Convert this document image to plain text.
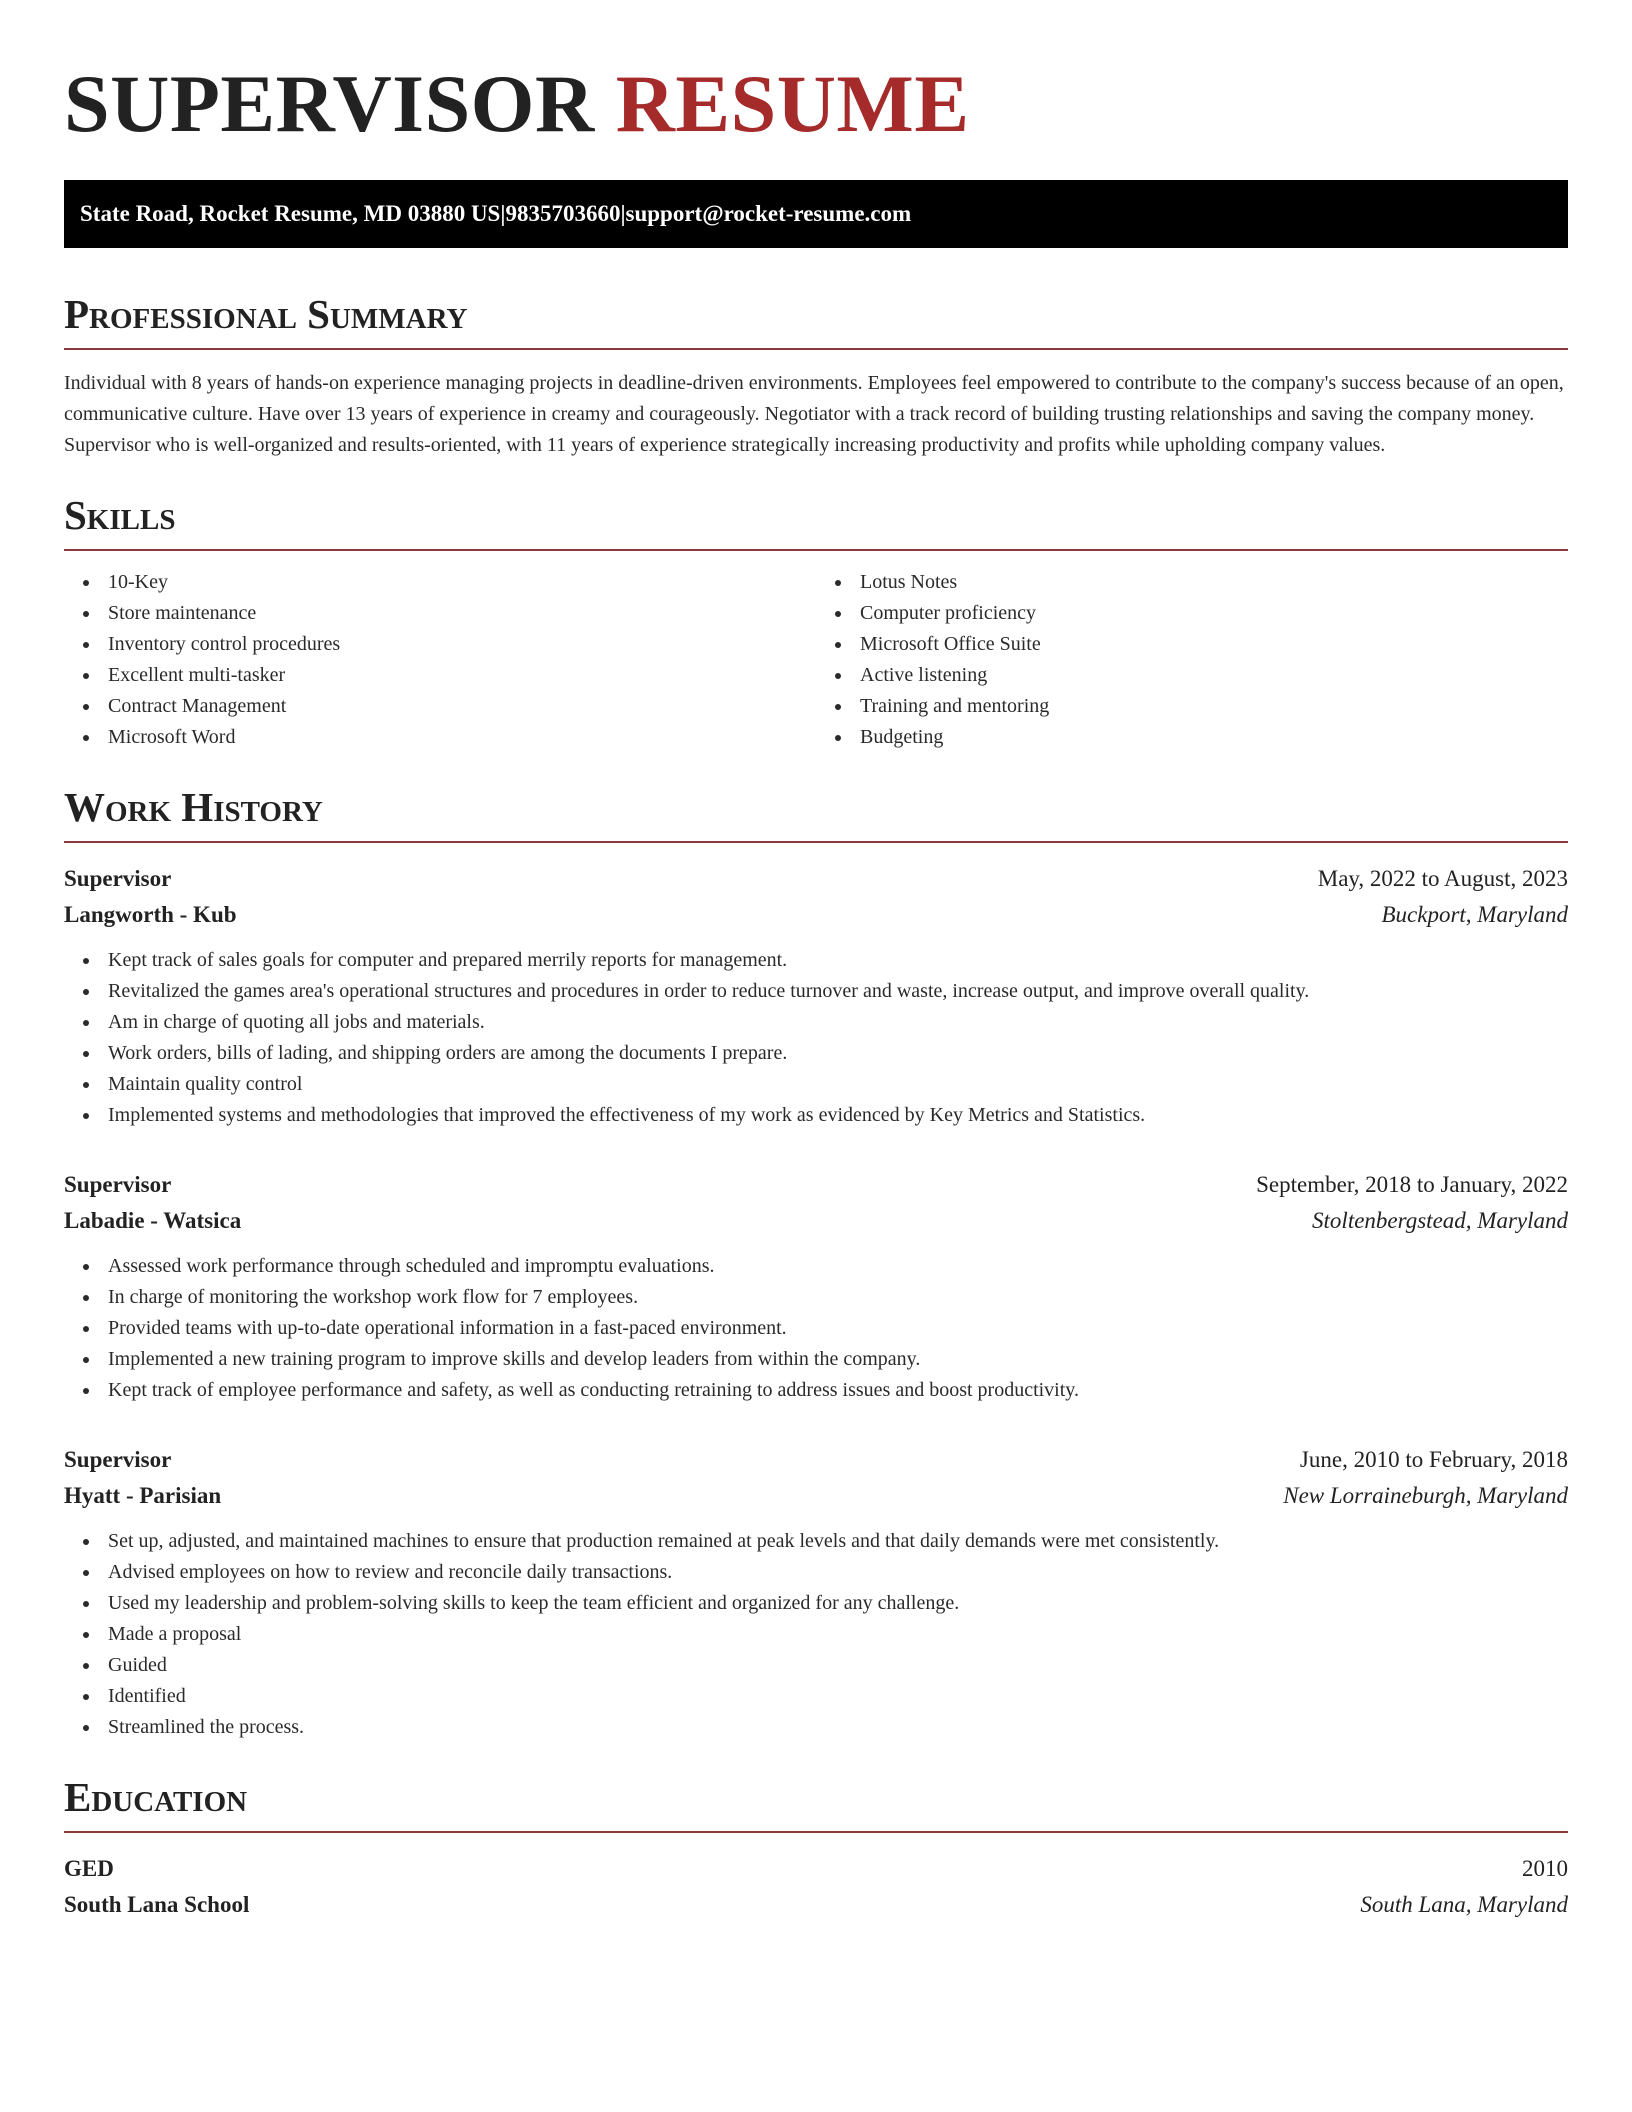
SUPERVISOR RESUME
State Road, Rocket Resume, MD 03880 US | 9835703660 | support@rocket-resume.com
Professional Summary

Individual with 8 years of hands-on experience managing projects in deadline-driven environments. Employees feel empowered to contribute to the company's success because of an open, communicative culture. Have over 13 years of experience in creamy and courageously. Negotiator with a track record of building trusting relationships and saving the company money. Supervisor who is well-organized and results-oriented, with 11 years of experience strategically increasing productivity and profits while upholding company values.

Skills
10-Key
Store maintenance
Inventory control procedures
Excellent multi-tasker
Contract Management
Microsoft Word
Lotus Notes
Computer proficiency
Microsoft Office Suite
Active listening
Training and mentoring
Budgeting
Work History
Supervisor	May, 2022 to August, 2023
Langworth - Kub	Buckport, Maryland
Kept track of sales goals for computer and prepared merrily reports for management.
Revitalized the games area's operational structures and procedures in order to reduce turnover and waste, increase output, and improve overall quality.
Am in charge of quoting all jobs and materials.
Work orders, bills of lading, and shipping orders are among the documents I prepare.
Maintain quality control
Implemented systems and methodologies that improved the effectiveness of my work as evidenced by Key Metrics and Statistics.
Supervisor	September, 2018 to January, 2022
Labadie - Watsica	Stoltenbergstead, Maryland
Assessed work performance through scheduled and impromptu evaluations.
In charge of monitoring the workshop work flow for 7 employees.
Provided teams with up-to-date operational information in a fast-paced environment.
Implemented a new training program to improve skills and develop leaders from within the company.
Kept track of employee performance and safety, as well as conducting retraining to address issues and boost productivity.
Supervisor	June, 2010 to February, 2018
Hyatt - Parisian	New Lorraineburgh, Maryland
Set up, adjusted, and maintained machines to ensure that production remained at peak levels and that daily demands were met consistently.
Advised employees on how to review and reconcile daily transactions.
Used my leadership and problem-solving skills to keep the team efficient and organized for any challenge.
Made a proposal
Guided
Identified
Streamlined the process.
Education
GED	2010
South Lana School	South Lana, Maryland
